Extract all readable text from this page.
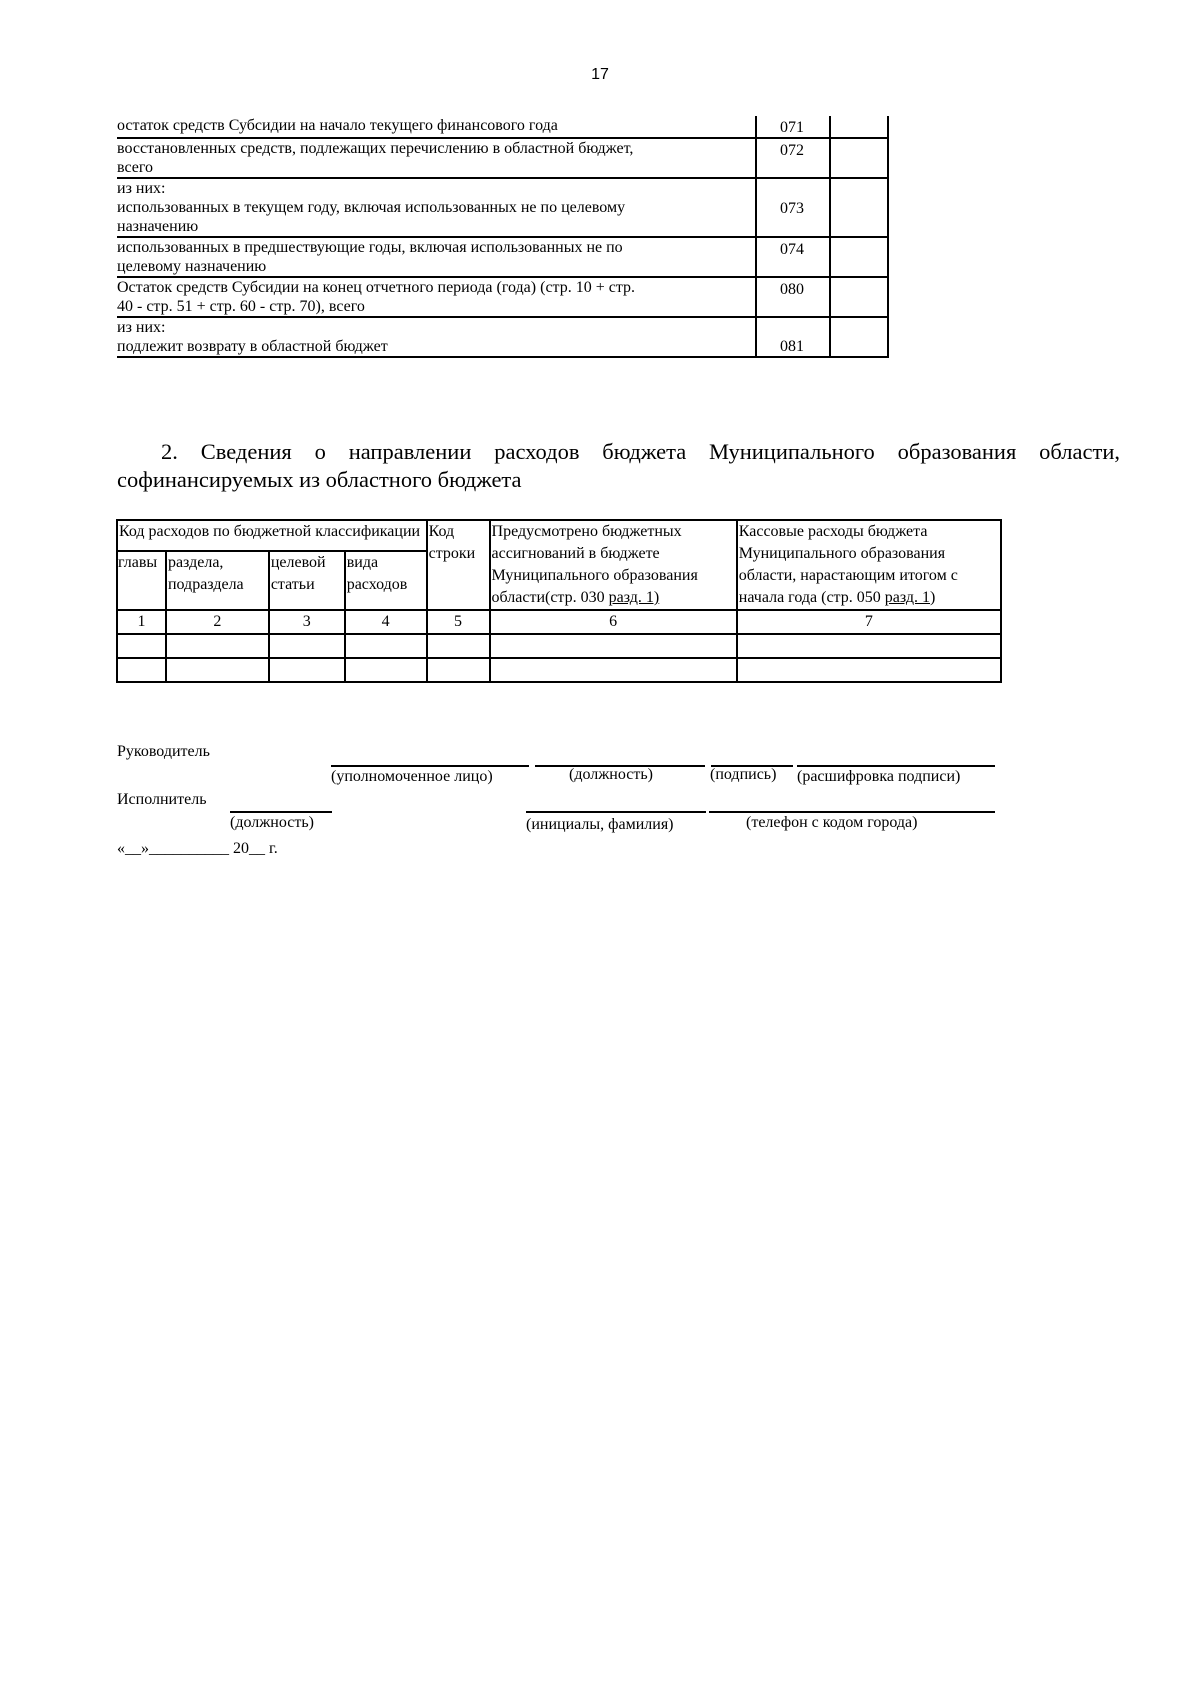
17
остаток средств Субсидии на начало текущего финансового года	071	

восстановленных средств, подлежащих перечислению в областной бюджет,
всего	072	

из них:
использованных в текущем году, включая использованных не по целевому
назначению	073	

использованных в предшествующие годы, включая использованных не по
целевому назначению	074	

Остаток средств Субсидии на конец отчетного периода (года) (стр. 10 + стр.
40 - стр. 51 + стр. 60 - стр. 70), всего	080	

из них:
подлежит возврату в областной бюджет	081	
2. Сведения о направлении расходов бюджета Муниципального образования области, софинансируемых из областного бюджета
Код расходов по бюджетной классификации				Код строки	Предусмотрено бюджетных ассигнований в бюджете Муниципального образования области(стр. 030 разд. 1)	Кассовые расходы бюджета Муниципального образования области, нарастающим итогом с начала года (стр. 050 разд. 1)
главы	раздела, подраздела	целевой статьи	вида расходов			
1	2	3	4	5	6	7

Руководитель
(уполномоченное лицо)	(должность)	(подпись) (расшифровка подписи)
Исполнитель
(должность)	(инициалы, фамилия)	(телефон с кодом города)
«__»__________ 20__ г.
